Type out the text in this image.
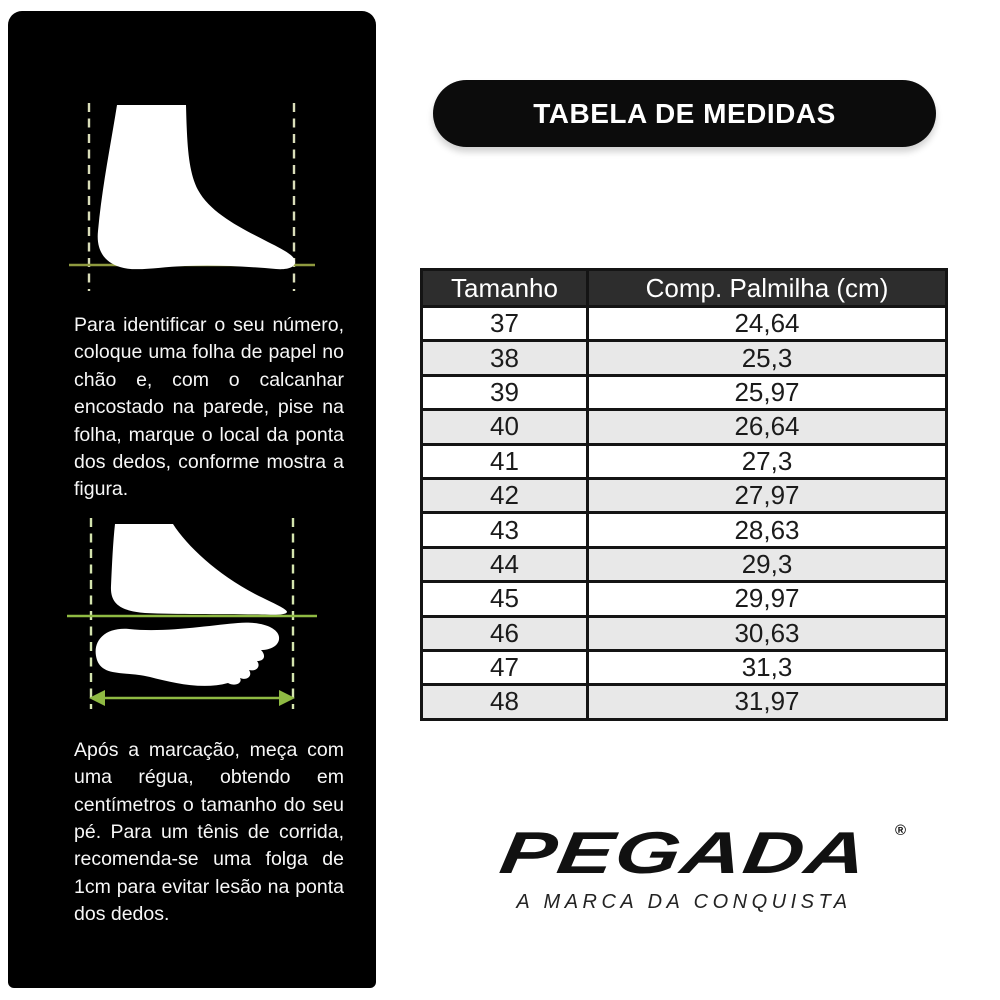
Para identificar o seu número, coloque uma folha de papel no chão e, com o calcanhar encostado na parede, pise na folha, marque o local da ponta dos dedos, conforme mostra a figura.

Após a marcação, meça com uma régua, obtendo em centímetros o tamanho do seu pé. Para um tênis de corrida, recomenda-se uma folga de 1cm para evitar lesão na ponta dos dedos.

TABELA DE MEDIDAS
Tamanho	Comp. Palmilha (cm)
37	24,64
38	25,3
39	25,97
40	26,64
41	27,3
42	27,97
43	28,63
44	29,3
45	29,97
46	30,63
47	31,3
48	31,97
PEGADA ®
A MARCA DA CONQUISTA
